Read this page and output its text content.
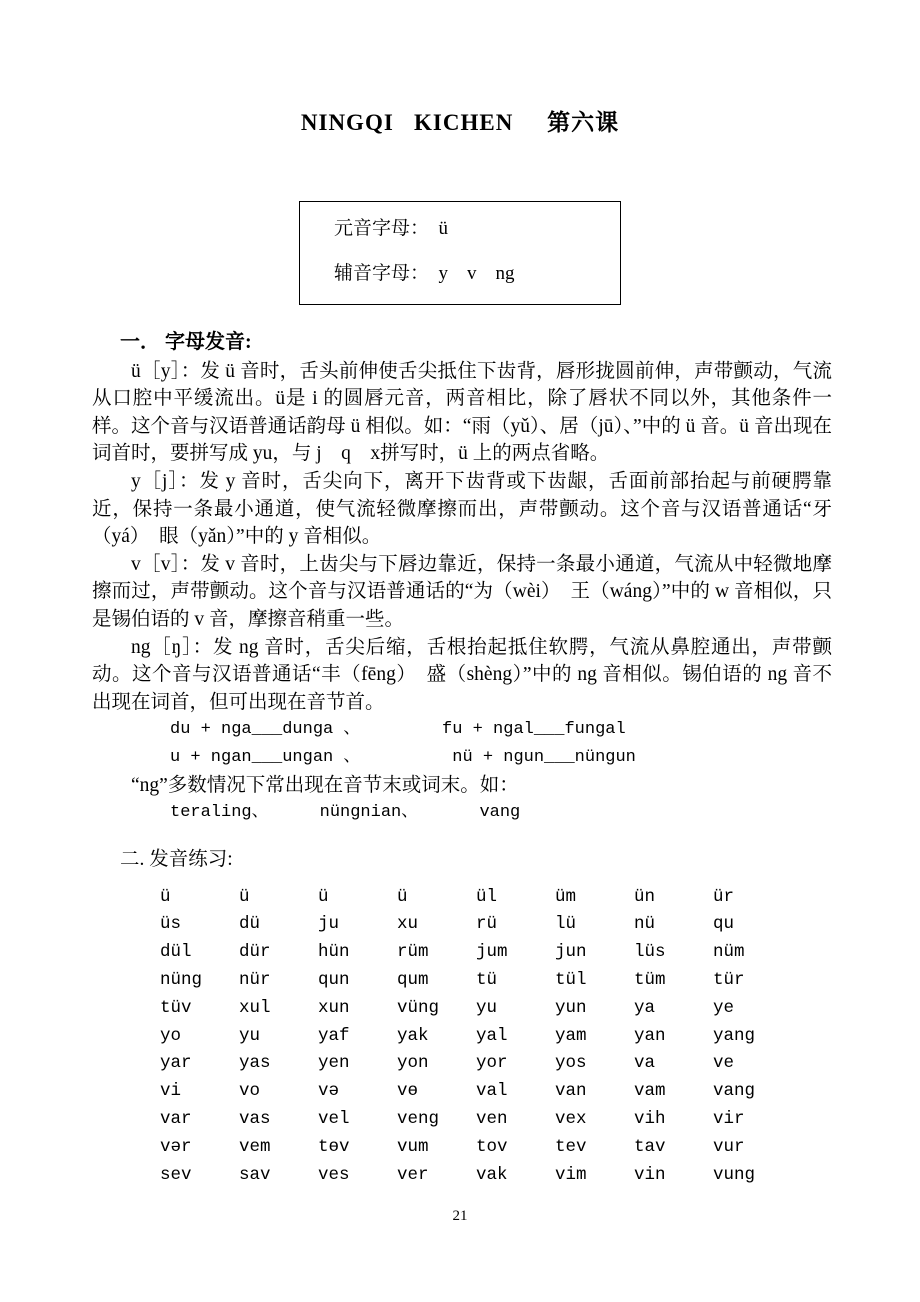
NINGQI   KICHEN     第六课
元音字母：  ü
辅音字母：  y    v    ng
一． 字母发音:

ü［y］：发 ü 音时，舌头前伸使舌尖抵住下齿背，唇形拢圆前伸，声带颤动，气流从口腔中平缓流出。ü是 i 的圆唇元音，两音相比，除了唇状不同以外，其他条件一样。这个音与汉语普通话韵母 ü 相似。如：“雨（yǔ）、居（jū）、”中的 ü 音。ü 音出现在词首时，要拼写成 yu，与 j　q　x拼写时，ü 上的两点省略。

y［j］：发 y 音时，舌尖向下，离开下齿背或下齿龈，舌面前部抬起与前硬腭靠近，保持一条最小通道，使气流轻微摩擦而出，声带颤动。这个音与汉语普通话“牙（yá）　眼（yǎn）”中的 y 音相似。

v［v］：发 v 音时，上齿尖与下唇边靠近，保持一条最小通道，气流从中轻微地摩擦而过，声带颤动。这个音与汉语普通话的“为（wèi）　王（wáng）”中的 w 音相似，只是锡伯语的 v 音，摩擦音稍重一些。

ng［ŋ］：发 ng 音时，舌尖后缩，舌根抬起抵住软腭，气流从鼻腔通出，声带颤动。这个音与汉语普通话“丰（fēng）　盛（shèng）”中的 ng 音相似。锡伯语的 ng 音不出现在词首，但可出现在音节首。

du + nga___dunga 、        fu + ngal___fungal
u + ngan___ungan 、         nü + ngun___nüngun
“ng”多数情况下常出现在音节末或词末。如：
teraling、     nüngnian、      vang
二. 发音练习:
ü	ü	ü	ü	ül	üm	ün	ür
üs	dü	ju	xu	rü	lü	nü	qu
dül	dür	hün	rüm	jum	jun	lüs	nüm
nüng	nür	qun	qum	tü	tül	tüm	tür
tüv	xul	xun	vüng	yu	yun	ya	ye
yo	yu	yaf	yak	yal	yam	yan	yang
yar	yas	yen	yon	yor	yos	va	ve
vi	vo	və	vɵ	val	van	vam	vang
var	vas	vel	veng	ven	vex	vih	vir
vər	vem	tɵv	vum	tov	tev	tav	vur
sev	sav	ves	ver	vak	vim	vin	vung
21
